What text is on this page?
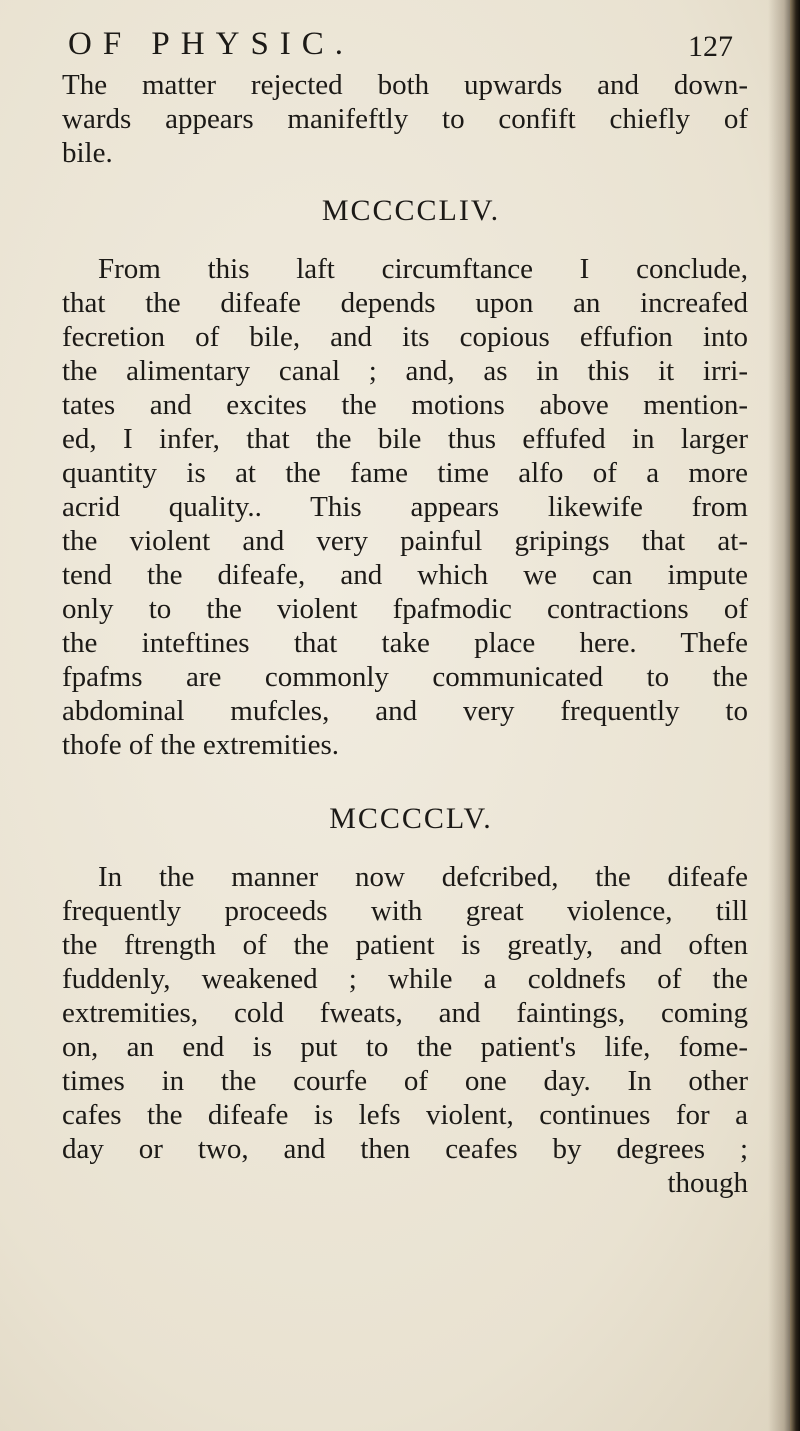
OF PHYSIC.	127
The matter rejected both upwards and down-
wards appears manifeftly to confift chiefly of
bile.
MCCCCLIV.
From this laft circumftance I conclude,
that the difeafe depends upon an increafed
fecretion of bile, and its copious effufion into
the alimentary canal ; and, as in this it irri-
tates and excites the motions above mention-
ed, I infer, that the bile thus effufed in larger
quantity is at the fame time alfo of a more
acrid quality.. This appears likewife from
the violent and very painful gripings that at-
tend the difeafe, and which we can impute
only to the violent fpafmodic contractions of
the inteftines that take place here. Thefe
fpafms are commonly communicated to the
abdominal mufcles, and very frequently to
thofe of the extremities.
MCCCCLV.
In the manner now defcribed, the difeafe
frequently proceeds with great violence, till
the ftrength of the patient is greatly, and often
fuddenly, weakened ; while a coldnefs of the
extremities, cold fweats, and faintings, coming
on, an end is put to the patient's life, fome-
times in the courfe of one day. In other
cafes the difeafe is lefs violent, continues for a
day or two, and then ceafes by degrees ;
though
